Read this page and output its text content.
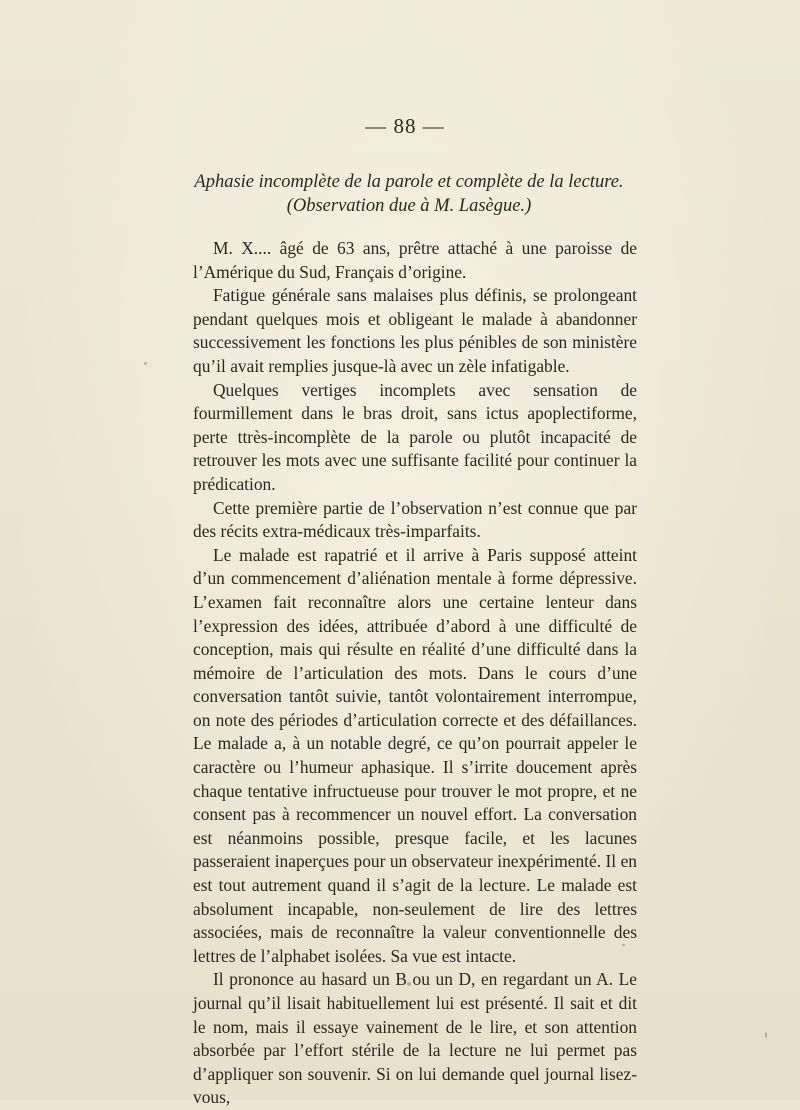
— 88 —
Aphasie incomplète de la parole et complète de la lecture. (Observation due à M. Lasègue.)

M. X.... âgé de 63 ans, prêtre attaché à une paroisse de l’Amérique du Sud, Français d’origine.

Fatigue générale sans malaises plus définis, se prolongeant pendant quelques mois et obligeant le malade à abandonner successivement les fonctions les plus pénibles de son ministère qu’il avait remplies jusque-là avec un zèle infatigable.

Quelques vertiges incomplets avec sensation de fourmillement dans le bras droit, sans ictus apoplectiforme, perte ttrès-incomplète de la parole ou plutôt incapacité de retrouver les mots avec une suffisante facilité pour continuer la prédication.

Cette première partie de l’observation n’est connue que par des récits extra-médicaux très-imparfaits.

Le malade est rapatrié et il arrive à Paris supposé atteint d’un commencement d’aliénation mentale à forme dépressive. L’examen fait reconnaître alors une certaine lenteur dans l’expression des idées, attribuée d’abord à une difficulté de conception, mais qui résulte en réalité d’une difficulté dans la mémoire de l’articulation des mots. Dans le cours d’une conversation tantôt suivie, tantôt volontairement interrompue, on note des périodes d’articulation correcte et des défaillances. Le malade a, à un notable degré, ce qu’on pourrait appeler le caractère ou l’humeur aphasique. Il s’irrite doucement après chaque tentative infructueuse pour trouver le mot propre, et ne consent pas à recommencer un nouvel effort. La conversation est néanmoins possible, presque facile, et les lacunes passeraient inaperçues pour un observateur inexpérimenté. Il en est tout autrement quand il s’agit de la lecture. Le malade est absolument incapable, non-seulement de lire des lettres associées, mais de reconnaître la valeur conventionnelle des lettres de l’alphabet isolées. Sa vue est intacte.

Il prononce au hasard un B ou un D, en regardant un A. Le journal qu’il lisait habituellement lui est présenté. Il sait et dit le nom, mais il essaye vainement de le lire, et son attention absorbée par l’effort stérile de la lecture ne lui permet pas d’appliquer son souvenir. Si on lui demande quel journal lisez-vous,
